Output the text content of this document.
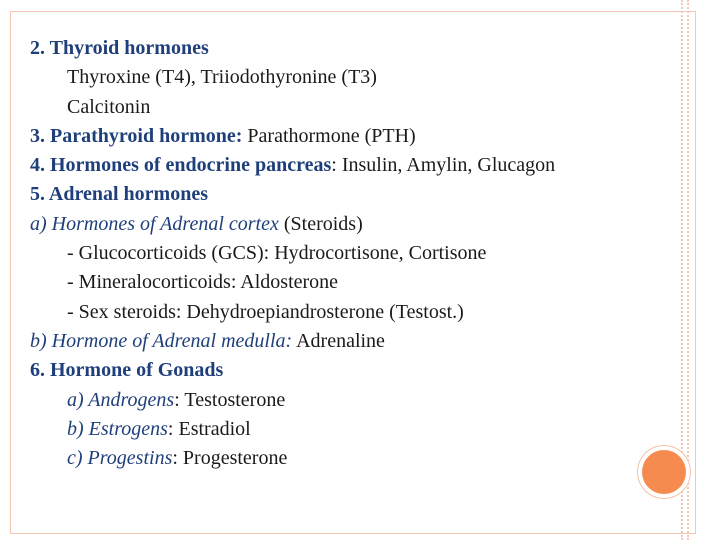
2. Thyroid hormones
Thyroxine (T4), Triiodothyronine (T3)
Calcitonin
3. Parathyroid hormone: Parathormone (PTH)
4. Hormones of endocrine pancreas: Insulin, Amylin, Glucagon
5. Adrenal hormones
a) Hormones of Adrenal cortex (Steroids)
- Glucocorticoids (GCS): Hydrocortisone, Cortisone
- Mineralocorticoids: Aldosterone
- Sex steroids: Dehydroepiandrosterone (Testost.)
b) Hormone of Adrenal medulla: Adrenaline
6. Hormone of Gonads
a) Androgens: Testosterone
b) Estrogens: Estradiol
c) Progestins: Progesterone
